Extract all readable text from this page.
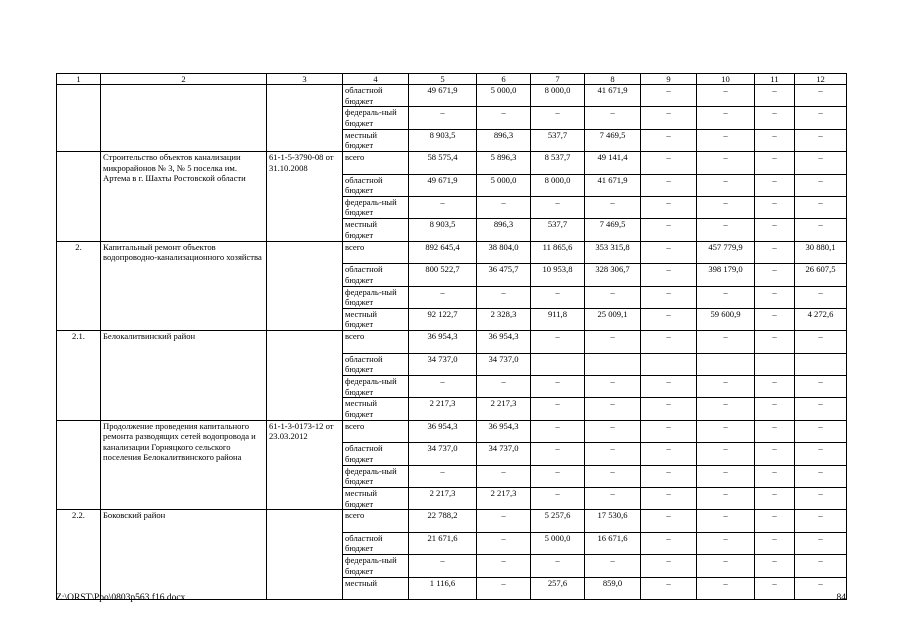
1	2	3	4	5	6	7	8	9	10	11	12
			областной бюджет	49 671,9	5 000,0	8 000,0	41 671,9	–	–	–	–
			федераль-ный бюджет	–	–	–	–	–	–	–	–
			местный бюджет	8 903,5	896,3	537,7	7 469,5	–	–	–	–
	Строительство объектов канализации микрорайонов № 3, № 5 поселка им. Артема в г. Шахты Ростовской области	61-1-5-3790-08 от 31.10.2008	всего	58 575,4	5 896,3	8 537,7	49 141,4	–	–	–	–
			областной бюджет	49 671,9	5 000,0	8 000,0	41 671,9	–	–	–	–
			федераль-ный бюджет	–	–	–	–	–	–	–	–
			местный бюджет	8 903,5	896,3	537,7	7 469,5	–	–	–	–
2.	Капитальный ремонт объектов водопроводно-канализационного хозяйства		всего	892 645,4	38 804,0	11 865,6	353 315,8	–	457 779,9	–	30 880,1
			областной бюджет	800 522,7	36 475,7	10 953,8	328 306,7	–	398 179,0	–	26 607,5
			федераль-ный бюджет	–	–	–	–	–	–	–	–
			местный бюджет	92 122,7	2 328,3	911,8	25 009,1	–	59 600,9	–	4 272,6
2.1.	Белокалитвинский район		всего	36 954,3	36 954,3	–	–	–	–	–	–
			областной бюджет	34 737,0	34 737,0						
			федераль-ный бюджет	–	–	–	–	–	–	–	–
			местный бюджет	2 217,3	2 217,3	–	–	–	–	–	–
	Продолжение проведения капитального ремонта разводящих сетей водопровода и канализации Горняцкого сельского поселения Белокалитвинского района	61-1-3-0173-12 от 23.03.2012	всего	36 954,3	36 954,3	–	–	–	–	–	–
			областной бюджет	34 737,0	34 737,0	–	–	–	–	–	–
			федераль-ный бюджет	–	–	–	–	–	–	–	–
			местный бюджет	2 217,3	2 217,3	–	–	–	–	–	–
2.2.	Боковский район		всего	22 788,2	–	5 257,6	17 530,6	–	–	–	–
			областной бюджет	21 671,6	–	5 000,0	16 671,6	–	–	–	–
			федераль-ный бюджет	–	–	–	–	–	–	–	–
			местный	1 116,6	–	257,6	859,0	–	–	–	–
Z:\ORST\Ppo\0803p563.f16.docx	84
